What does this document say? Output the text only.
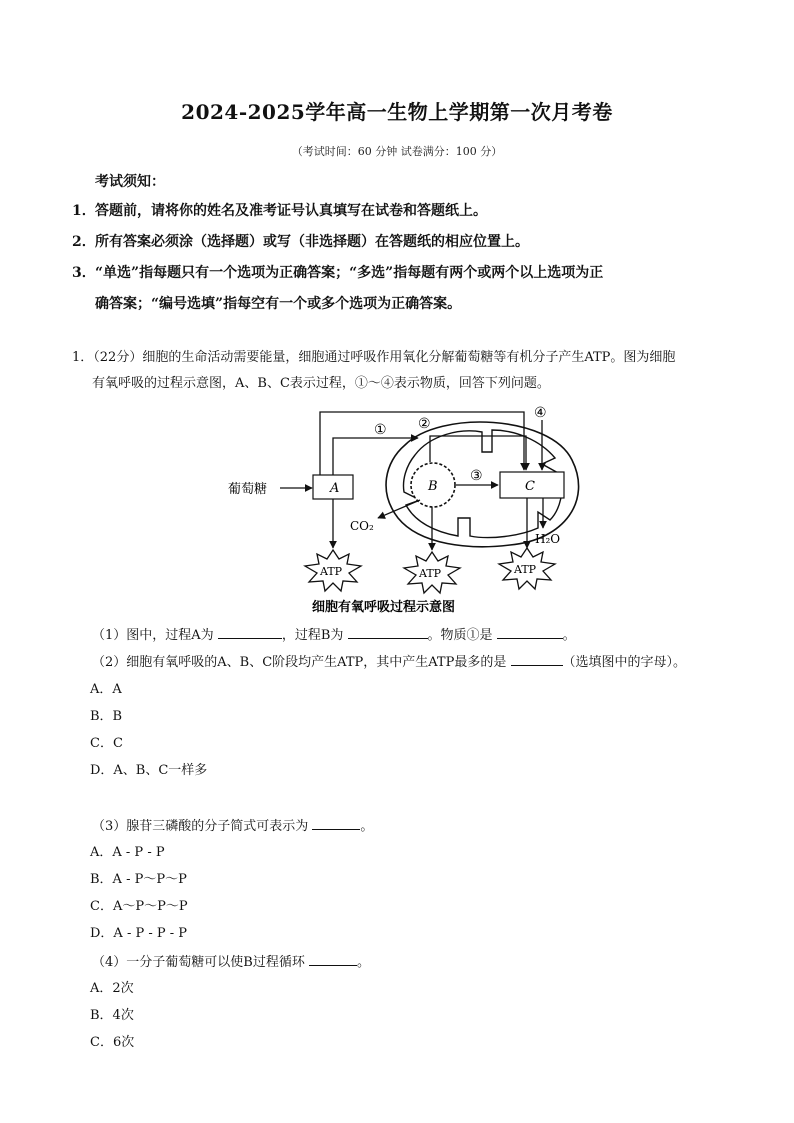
2024-2025学年高一生物上学期第一次月考卷
（考试时间：60 分钟 试卷满分：100 分）
考试须知：
1．答题前，请将你的姓名及准考证号认真填写在试卷和答题纸上。
2．所有答案必须涂（选择题）或写（非选择题）在答题纸的相应位置上。
3．“单选”指每题只有一个选项为正确答案；“多选”指每题有两个或两个以上选项为正
确答案；“编号选填”指每空有一个或多个选项为正确答案。
1．（22分）细胞的生命活动需要能量，细胞通过呼吸作用氧化分解葡萄糖等有机分子产生ATP。图为细胞
有氧呼吸的过程示意图，A、B、C表示过程，①～④表示物质，回答下列问题。
葡萄糖	A	B	C
① ②
④
③
CO₂
H₂O
ATP	ATP	ATP
细胞有氧呼吸过程示意图
（1）图中，过程A为	，过程B为	。物质①是	。
（2）细胞有氧呼吸的A、B、C阶段均产生ATP，其中产生ATP最多的是	（选填图中的字母）。
A．A
B．B
C．C
D．A、B、C一样多
（3）腺苷三磷酸的分子简式可表示为	。
A．A - P - P
B．A - P～P～P
C．A～P～P～P
D．A - P - P - P
（4）一分子葡萄糖可以使B过程循环	。
A．2次
B．4次
C．6次
